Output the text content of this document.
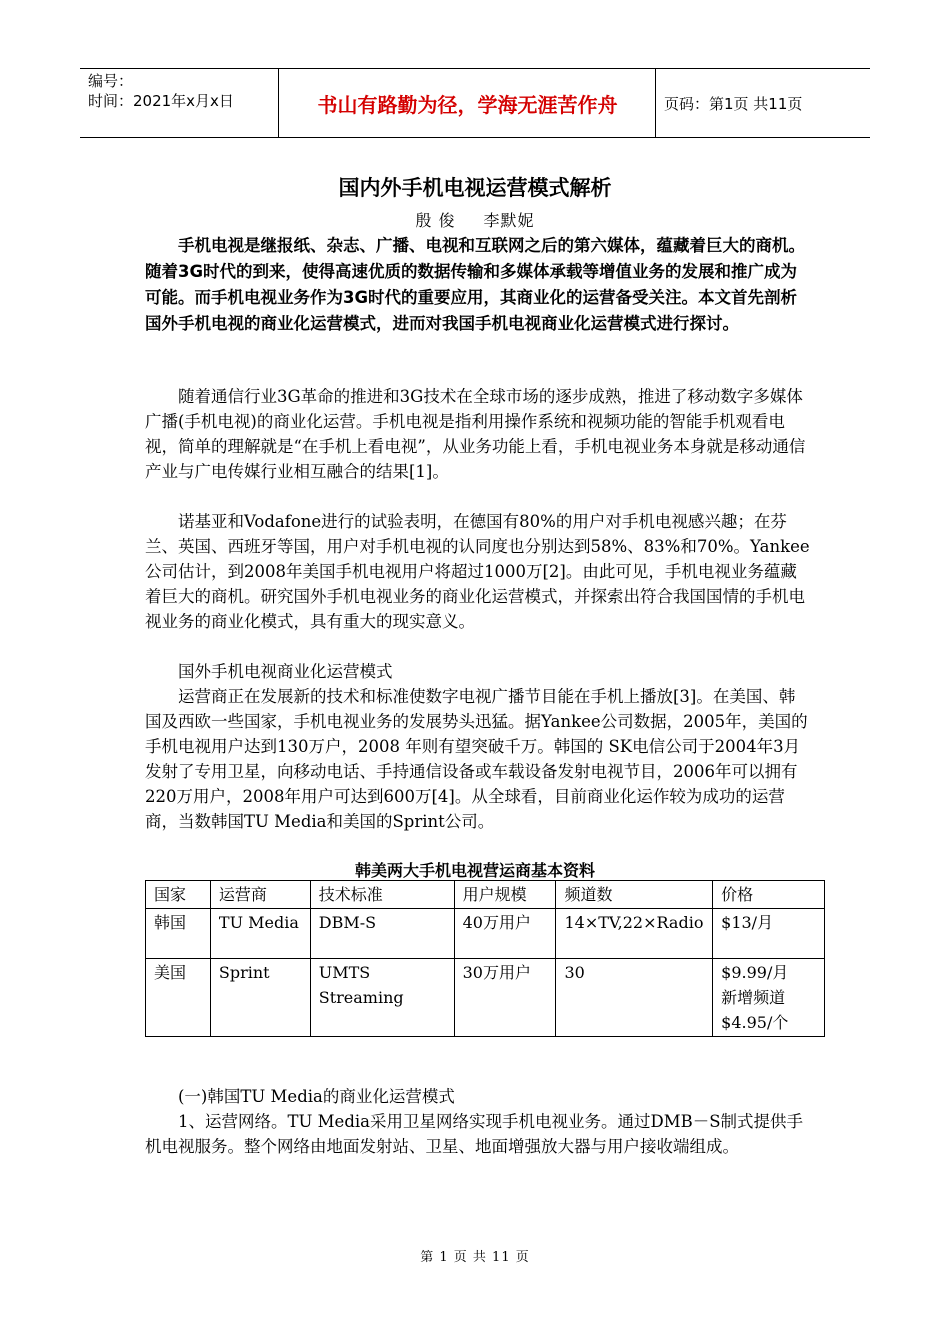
编号：
时间：2021年x月x日	书山有路勤为径，学海无涯苦作舟	页码：第1页 共11页
国内外手机电视运营模式解析
殷 俊 李默妮
手机电视是继报纸、杂志、广播、电视和互联网之后的第六媒体，蕴藏着巨大的商机。随着3G时代的到来，使得高速优质的数据传输和多媒体承载等增值业务的发展和推广成为可能。而手机电视业务作为3G时代的重要应用，其商业化的运营备受关注。本文首先剖析国外手机电视的商业化运营模式，进而对我国手机电视商业化运营模式进行探讨。
随着通信行业3G革命的推进和3G技术在全球市场的逐步成熟，推进了移动数字多媒体广播(手机电视)的商业化运营。手机电视是指利用操作系统和视频功能的智能手机观看电视，简单的理解就是“在手机上看电视”，从业务功能上看，手机电视业务本身就是移动通信产业与广电传媒行业相互融合的结果[1]。
诺基亚和Vodafone进行的试验表明，在德国有80%的用户对手机电视感兴趣；在芬兰、英国、西班牙等国，用户对手机电视的认同度也分别达到58%、83%和70%。Yankee公司估计，到2008年美国手机电视用户将超过1000万[2]。由此可见，手机电视业务蕴藏着巨大的商机。研究国外手机电视业务的商业化运营模式，并探索出符合我国国情的手机电视业务的商业化模式，具有重大的现实意义。
国外手机电视商业化运营模式
运营商正在发展新的技术和标准使数字电视广播节目能在手机上播放[3]。在美国、韩国及西欧一些国家，手机电视业务的发展势头迅猛。据Yankee公司数据，2005年，美国的手机电视用户达到130万户，2008 年则有望突破千万。韩国的 SK电信公司于2004年3月发射了专用卫星，向移动电话、手持通信设备或车载设备发射电视节目，2006年可以拥有 220万用户，2008年用户可达到600万[4]。从全球看，目前商业化运作较为成功的运营商，当数韩国TU Media和美国的Sprint公司。
韩美两大手机电视营运商基本资料
国家	运营商	技术标准	用户规模	频道数	价格
韩国	TU Media	DBM-S	40万用户	14×TV,22×Radio	$13/月
美国	Sprint	UMTS Streaming	30万用户	30	$9.99/月
新增频道
$4.95/个
(一)韩国TU Media的商业化运营模式
1、运营网络。TU Media采用卫星网络实现手机电视业务。通过DMB－S制式提供手机电视服务。整个网络由地面发射站、卫星、地面增强放大器与用户接收端组成。
第 1 页 共 11 页
